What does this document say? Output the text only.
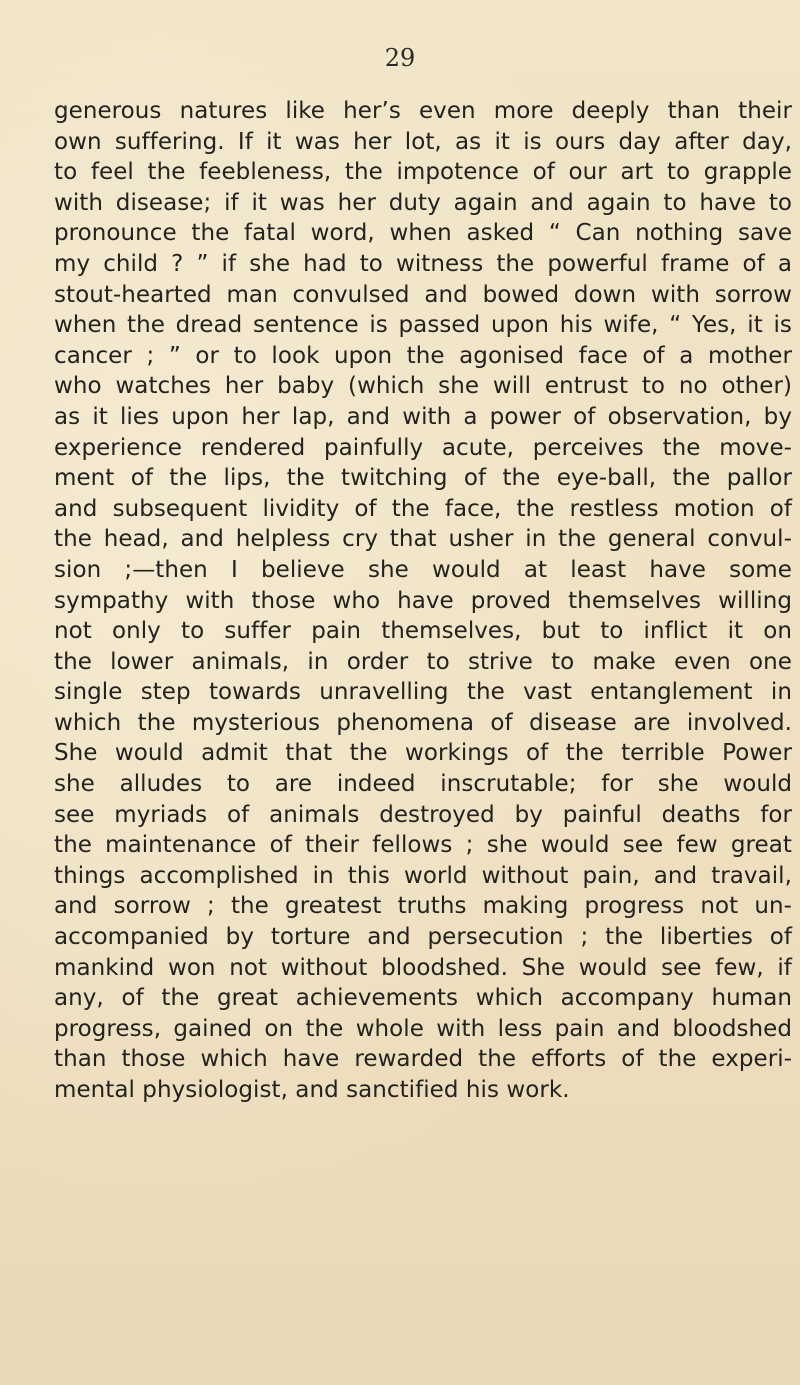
29
generous natures like her’s even more deeply than their
own suffering. If it was her lot, as it is ours day after day,
to feel the feebleness, the impotence of our art to grapple
with disease; if it was her duty again and again to have to
pronounce the fatal word, when asked “ Can nothing save
my child ? ” if she had to witness the powerful frame of a
stout-hearted man convulsed and bowed down with sorrow
when the dread sentence is passed upon his wife, “ Yes, it is
cancer ; ” or to look upon the agonised face of a mother
who watches her baby (which she will entrust to no other)
as it lies upon her lap, and with a power of observation, by
experience rendered painfully acute, perceives the move-
ment of the lips, the twitching of the eye-ball, the pallor
and subsequent lividity of the face, the restless motion of
the head, and helpless cry that usher in the general convul-
sion ;—then I believe she would at least have some
sympathy with those who have proved themselves willing
not only to suffer pain themselves, but to inflict it on
the lower animals, in order to strive to make even one
single step towards unravelling the vast entanglement in
which the mysterious phenomena of disease are involved.
She would admit that the workings of the terrible Power
she alludes to are indeed inscrutable; for she would
see myriads of animals destroyed by painful deaths for
the maintenance of their fellows ; she would see few great
things accomplished in this world without pain, and travail,
and sorrow ; the greatest truths making progress not un-
accompanied by torture and persecution ; the liberties of
mankind won not without bloodshed. She would see few, if
any, of the great achievements which accompany human
progress, gained on the whole with less pain and bloodshed
than those which have rewarded the efforts of the experi-
mental physiologist, and sanctified his work.
